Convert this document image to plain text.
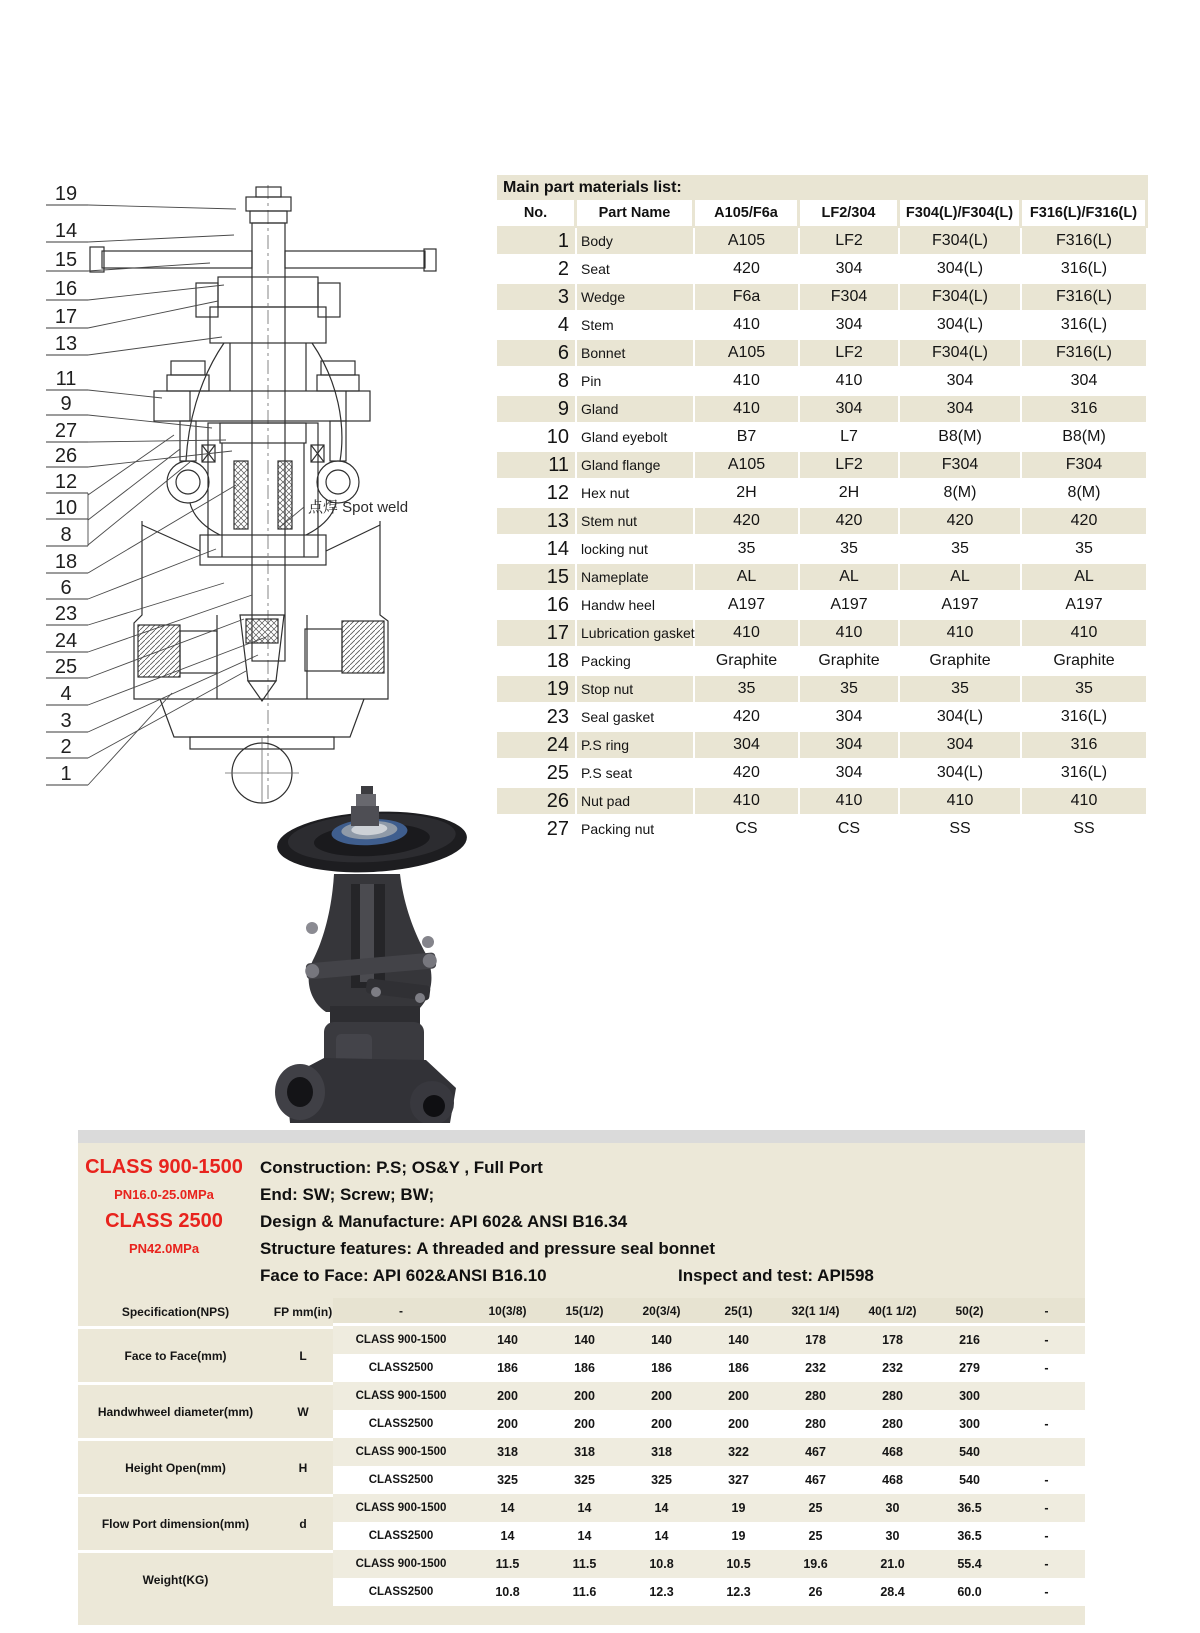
点焊 Spot weld
19
14
15
16
17
13
11
9
27
26
12
10
8
18
6
23
24
25
4
3
2
1
Main part materials list:
No.	Part Name	A105/F6a	LF2/304	F304(L)/F304(L)	F316(L)/F316(L)
1	Body	A105	LF2	F304(L)	F316(L)
2	Seat	420	304	304(L)	316(L)
3	Wedge	F6a	F304	F304(L)	F316(L)
4	Stem	410	304	304(L)	316(L)
6	Bonnet	A105	LF2	F304(L)	F316(L)
8	Pin	410	410	304	304
9	Gland	410	304	304	316
10	Gland eyebolt	B7	L7	B8(M)	B8(M)
11	Gland flange	A105	LF2	F304	F304
12	Hex nut	2H	2H	8(M)	8(M)
13	Stem nut	420	420	420	420
14	locking nut	35	35	35	35
15	Nameplate	AL	AL	AL	AL
16	Handw heel	A197	A197	A197	A197
17	Lubrication gasket	410	410	410	410
18	Packing	Graphite	Graphite	Graphite	Graphite
19	Stop nut	35	35	35	35
23	Seal gasket	420	304	304(L)	316(L)
24	P.S ring	304	304	304	316
25	P.S seat	420	304	304(L)	316(L)
26	Nut pad	410	410	410	410
27	Packing nut	CS	CS	SS	SS
CLASS 900-1500	Construction: P.S; OS&Y , Full Port
PN16.0-25.0MPa	End: SW; Screw; BW;
CLASS 2500	Design & Manufacture: API 602& ANSI B16.34
PN42.0MPa	Structure features: A threaded and pressure seal bonnet
Face to Face: API 602&ANSI B16.10	Inspect and test: API598
Specification(NPS)	FP mm(in)	-	10(3/8)	15(1/2)	20(3/4)	25(1)	32(1 1/4)	40(1 1/2)	50(2)	-
Face to Face(mm)	L	CLASS 900-1500	140	140	140	140	178	178	216	-
		CLASS2500	186	186	186	186	232	232	279	-
Handwhweel diameter(mm)	W	CLASS 900-1500	200	200	200	200	280	280	300	
		CLASS2500	200	200	200	200	280	280	300	-
Height Open(mm)	H	CLASS 900-1500	318	318	318	322	467	468	540	
		CLASS2500	325	325	325	327	467	468	540	-
Flow Port dimension(mm)	d	CLASS 900-1500	14	14	14	19	25	30	36.5	-
		CLASS2500	14	14	14	19	25	30	36.5	-
Weight(KG)		CLASS 900-1500	11.5	11.5	10.8	10.5	19.6	21.0	55.4	-
		CLASS2500	10.8	11.6	12.3	12.3	26	28.4	60.0	-
